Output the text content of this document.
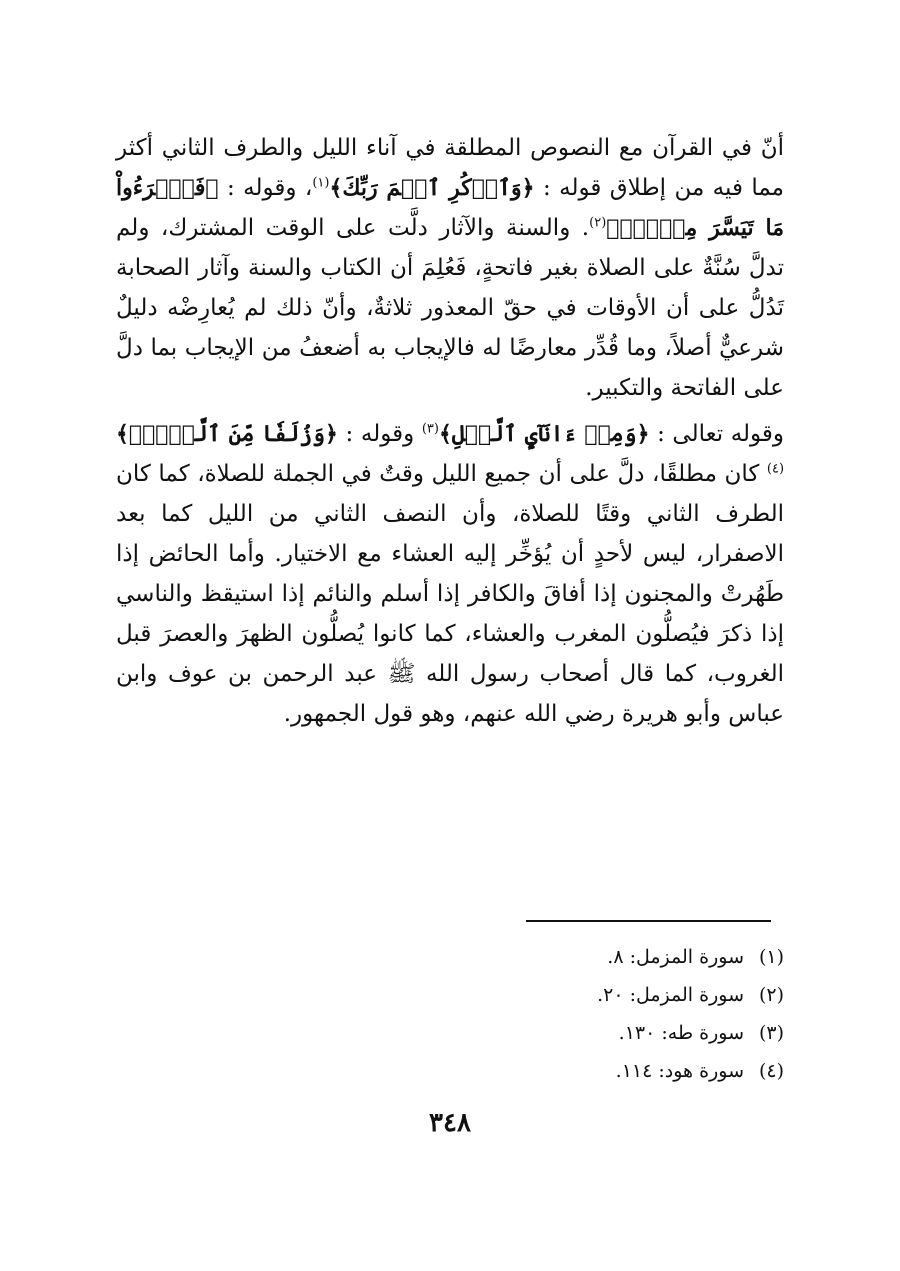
أنّ في القرآن مع النصوص المطلقة في آناء الليل والطرف الثاني أكثر مما فيه من إطلاق قوله : ﴿وَٱذۡكُرِ ٱسۡمَ رَبِّكَ﴾$^{(١)}$، وقوله : ﴿فَٱقۡرَءُواْ مَا تَيَسَّرَ مِنۡهُۚ﴾$^{(٢)}$. والسنة والآثار دلَّت على الوقت المشترك، ولم تدلَّ سُنَّةٌ على الصلاة بغير فاتحةٍ، فَعُلِمَ أن الكتاب والسنة وآثار الصحابة تَدُلُّ على أن الأوقات في حقّ المعذور ثلاثةٌ، وأنّ ذلك لم يُعارِضْه دليلٌ شرعيٌّ أصلاً، وما قُدِّر معارضًا له فالإيجاب به أضعفُ من الإيجاب بما دلَّ على الفاتحة والتكبير.

وقوله تعالى : ﴿وَمِنۡ ءَانَآيِٕ ٱلَّيۡلِ﴾$^{(٣)}$ وقوله : ﴿وَزُلَفٗا مِّنَ ٱلَّيۡلِۚ﴾$^{(٤)}$ كان مطلقًا، دلَّ على أن جميع الليل وقتٌ في الجملة للصلاة، كما كان الطرف الثاني وقتًا للصلاة، وأن النصف الثاني من الليل كما بعد الاصفرار، ليس لأحدٍ أن يُؤخِّر إليه العشاء مع الاختيار. وأما الحائض إذا طَهُرتْ والمجنون إذا أفاقَ والكافر إذا أسلم والنائم إذا استيقظ والناسي إذا ذكرَ فيُصلُّون المغرب والعشاء، كما كانوا يُصلُّون الظهرَ والعصرَ قبل الغروب، كما قال أصحاب رسول الله ﷺ عبد الرحمن بن عوف وابن عباس وأبو هريرة رضي الله عنهم، وهو قول الجمهور.

(١)
سورة المزمل: ٨.
(٢)
سورة المزمل: ٢٠.
(٣)
سورة طه: ١٣٠.
(٤)
سورة هود: ١١٤.
٣٤٨
